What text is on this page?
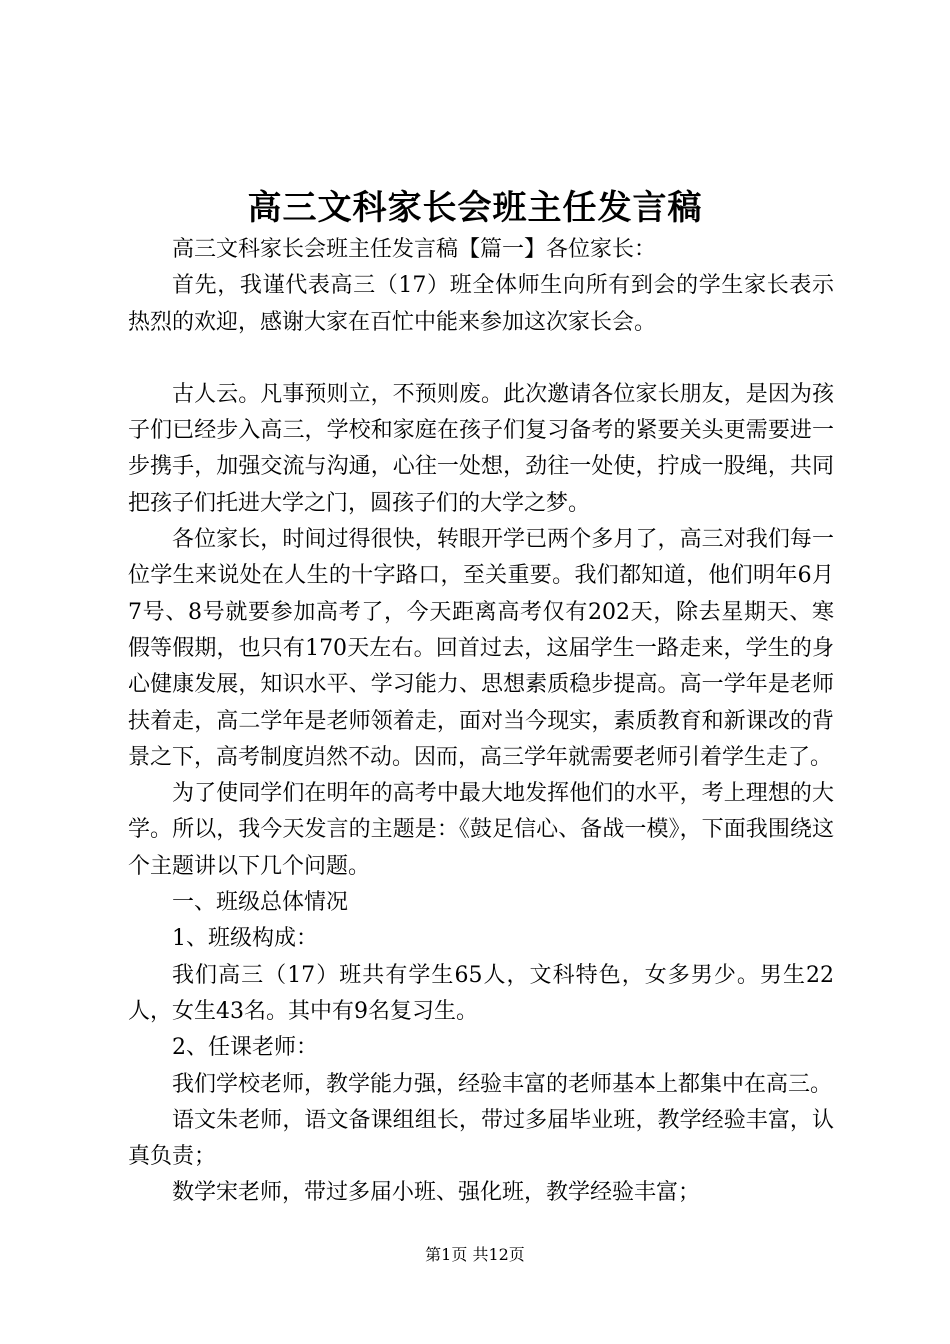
高三文科家长会班主任发言稿

高三文科家长会班主任发言稿【篇一】各位家长：

首先，我谨代表高三（17）班全体师生向所有到会的学生家长表示热烈的欢迎，感谢大家在百忙中能来参加这次家长会。

古人云。凡事预则立，不预则废。此次邀请各位家长朋友，是因为孩子们已经步入高三，学校和家庭在孩子们复习备考的紧要关头更需要进一步携手，加强交流与沟通，心往一处想，劲往一处使，拧成一股绳，共同把孩子们托进大学之门，圆孩子们的大学之梦。

各位家长，时间过得很快，转眼开学已两个多月了，高三对我们每一位学生来说处在人生的十字路口，至关重要。我们都知道，他们明年6月7号、8号就要参加高考了，今天距离高考仅有202天，除去星期天、寒假等假期，也只有170天左右。回首过去，这届学生一路走来，学生的身心健康发展，知识水平、学习能力、思想素质稳步提高。高一学年是老师扶着走，高二学年是老师领着走，面对当今现实，素质教育和新课改的背景之下，高考制度岿然不动。因而，高三学年就需要老师引着学生走了。

为了使同学们在明年的高考中最大地发挥他们的水平，考上理想的大学。所以，我今天发言的主题是：《鼓足信心、备战一模》，下面我围绕这个主题讲以下几个问题。

一、班级总体情况

1、班级构成：

我们高三（17）班共有学生65人，文科特色，女多男少。男生22人，女生43名。其中有9名复习生。

2、任课老师：

我们学校老师，教学能力强，经验丰富的老师基本上都集中在高三。

语文朱老师，语文备课组组长，带过多届毕业班，教学经验丰富，认真负责；

数学宋老师，带过多届小班、强化班，教学经验丰富；

第1页 共12页
